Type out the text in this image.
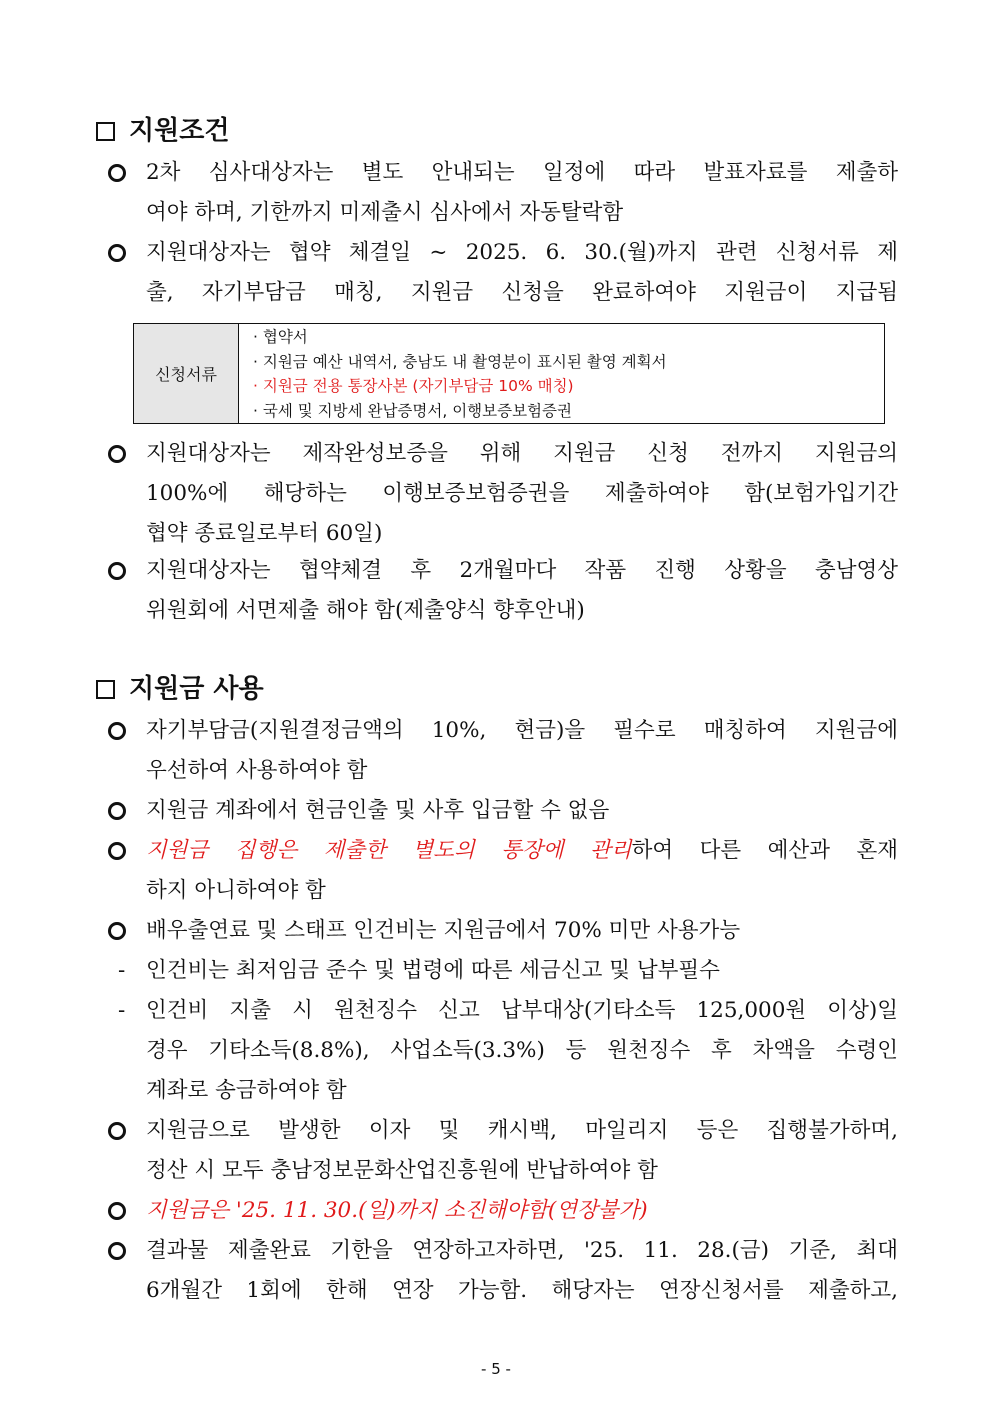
지원조건
2차 심사대상자는 별도 안내되는 일정에 따라 발표자료를 제출하
여야 하며, 기한까지 미제출시 심사에서 자동탈락함
지원대상자는 협약 체결일 ~ 2025. 6. 30.(월)까지 관련 신청서류 제
출, 자기부담금 매칭, 지원금 신청을 완료하여야 지원금이 지급됨
신청서류
· 협약서
· 지원금 예산 내역서, 충남도 내 촬영분이 표시된 촬영 계획서
· 지원금 전용 통장사본 (자기부담금 10% 매칭)
· 국세 및 지방세 완납증명서, 이행보증보험증권
지원대상자는 제작완성보증을 위해 지원금 신청 전까지 지원금의
100%에 해당하는 이행보증보험증권을 제출하여야 함(보험가입기간
협약 종료일로부터 60일)
지원대상자는 협약체결 후 2개월마다 작품 진행 상황을 충남영상
위원회에 서면제출 해야 함(제출양식 향후안내)
지원금 사용
자기부담금(지원결정금액의 10%, 현금)을 필수로 매칭하여 지원금에
우선하여 사용하여야 함
지원금 계좌에서 현금인출 및 사후 입금할 수 없음
지원금 집행은 제출한 별도의 통장에 관리하여 다른 예산과 혼재
하지 아니하여야 함
배우출연료 및 스태프 인건비는 지원금에서 70% 미만 사용가능
- 인건비는 최저임금 준수 및 법령에 따른 세금신고 및 납부필수
- 인건비 지출 시 원천징수 신고 납부대상(기타소득 125,000원 이상)일
경우 기타소득(8.8%), 사업소득(3.3%) 등 원천징수 후 차액을 수령인
계좌로 송금하여야 함
지원금으로 발생한 이자 및 캐시백, 마일리지 등은 집행불가하며,
정산 시 모두 충남정보문화산업진흥원에 반납하여야 함
지원금은 '25. 11. 30.(일)까지 소진해야함(연장불가)
결과물 제출완료 기한을 연장하고자하면, '25. 11. 28.(금) 기준, 최대
6개월간 1회에 한해 연장 가능함. 해당자는 연장신청서를 제출하고,
- 5 -
